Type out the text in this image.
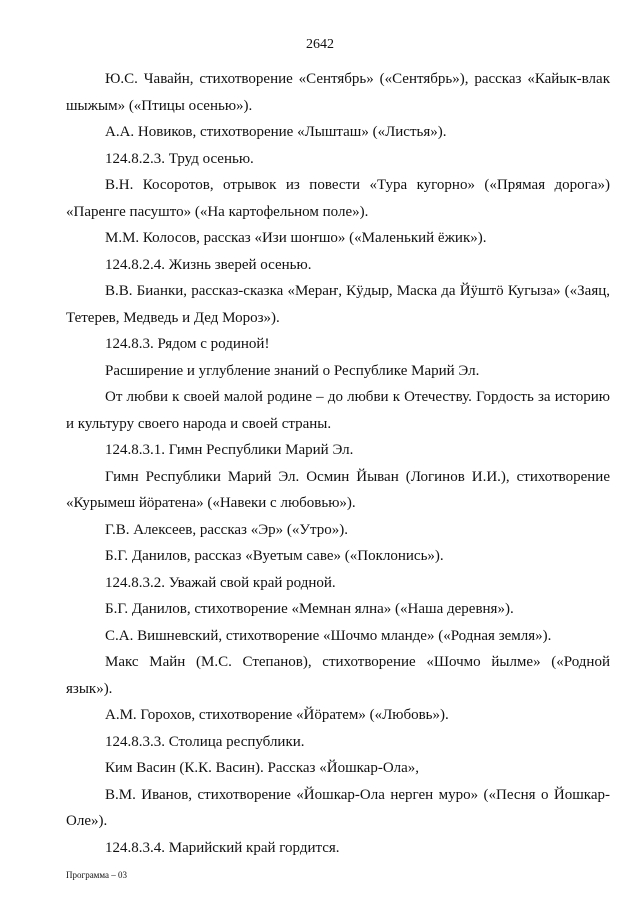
2642

Ю.С. Чавайн, стихотворение «Сентябрь» («Сентябрь»), рассказ «Кайык-влак шыжым» («Птицы осенью»).

А.А. Новиков, стихотворение «Лышташ» («Листья»).

124.8.2.3. Труд осенью.

В.Н. Косоротов, отрывок из повести «Тура кугорно» («Прямая дорога») «Паренге пасушто» («На картофельном поле»).

М.М. Колосов, рассказ «Изи шоҥшо» («Маленький ёжик»).

124.8.2.4. Жизнь зверей осенью.

В.В. Бианки, рассказ-сказка «Мераҥ, Кӱдыр, Маска да Йӱштӧ Кугыза» («Заяц, Тетерев, Медведь и Дед Мороз»).

124.8.3. Рядом с родиной!

Расширение и углубление знаний о Республике Марий Эл.

От любви к своей малой родине – до любви к Отечеству. Гордость за историю и культуру своего народа и своей страны.

124.8.3.1. Гимн Республики Марий Эл.

Гимн Республики Марий Эл. Осмин Йыван (Логинов И.И.), стихотворение «Курымеш йӧратена» («Навеки с любовью»).

Г.В. Алексеев, рассказ «Эр» («Утро»).

Б.Г. Данилов, рассказ «Вуетым саве» («Поклонись»).

124.8.3.2. Уважай свой край родной.

Б.Г. Данилов, стихотворение «Мемнан ялна» («Наша деревня»).

С.А. Вишневский, стихотворение «Шочмо мланде» («Родная земля»).

Макс Майн (М.С. Степанов), стихотворение «Шочмо йылме» («Родной язык»).

А.М. Горохов, стихотворение «Йӧратем» («Любовь»).

124.8.3.3. Столица республики.

Ким Васин (К.К. Васин). Рассказ «Йошкар-Ола»,

В.М. Иванов, стихотворение «Йошкар-Ола нерген муро» («Песня о Йошкар-Оле»).

124.8.3.4. Марийский край гордится.

Программа – 03
